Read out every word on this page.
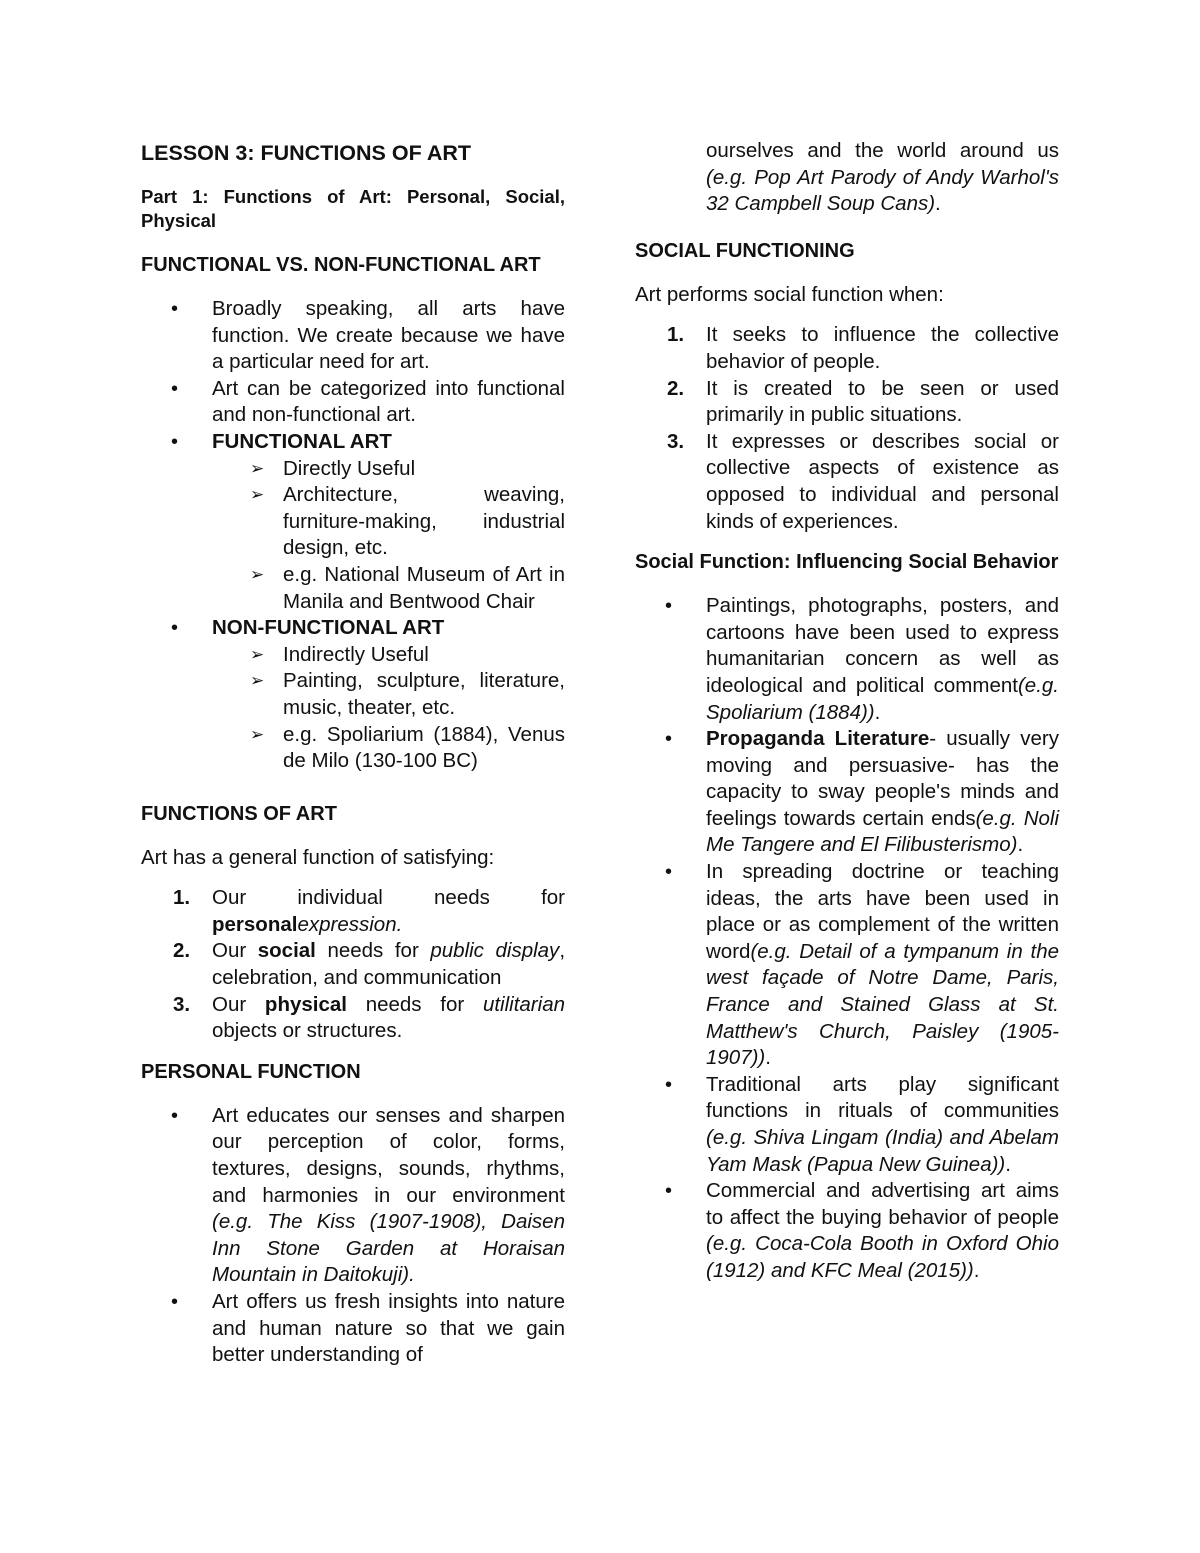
LESSON 3: FUNCTIONS OF ART
Part 1: Functions of Art: Personal, Social, Physical
FUNCTIONAL VS. NON-FUNCTIONAL ART
• Broadly speaking, all arts have function. We create because we have a particular need for art.
• Art can be categorized into functional and non-functional art.
• FUNCTIONAL ART
➢ Directly Useful
➢ Architecture, weaving, furniture-making, industrial design, etc.
➢ e.g. National Museum of Art in Manila and Bentwood Chair
• NON-FUNCTIONAL ART
➢ Indirectly Useful
➢ Painting, sculpture, literature, music, theater, etc.
➢ e.g. Spoliarium (1884), Venus de Milo (130-100 BC)
FUNCTIONS OF ART
Art has a general function of satisfying:
1. Our individual needs for personalexpression.
2. Our social needs for public display, celebration, and communication
3. Our physical needs for utilitarian objects or structures.
PERSONAL FUNCTION
• Art educates our senses and sharpen our perception of color, forms, textures, designs, sounds, rhythms, and harmonies in our environment (e.g. The Kiss (1907-1908), Daisen Inn Stone Garden at Horaisan Mountain in Daitokuji).
• Art offers us fresh insights into nature and human nature so that we gain better understanding of
ourselves and the world around us (e.g. Pop Art Parody of Andy Warhol's 32 Campbell Soup Cans).
SOCIAL FUNCTIONING
Art performs social function when:
1. It seeks to influence the collective behavior of people.
2. It is created to be seen or used primarily in public situations.
3. It expresses or describes social or collective aspects of existence as opposed to individual and personal kinds of experiences.
Social Function: Influencing Social Behavior
• Paintings, photographs, posters, and cartoons have been used to express humanitarian concern as well as ideological and political comment(e.g. Spoliarium (1884)).
• Propaganda Literature- usually very moving and persuasive- has the capacity to sway people's minds and feelings towards certain ends(e.g. Noli Me Tangere and El Filibusterismo).
• In spreading doctrine or teaching ideas, the arts have been used in place or as complement of the written word(e.g. Detail of a tympanum in the west façade of Notre Dame, Paris, France and Stained Glass at St. Matthew's Church, Paisley (1905-1907)).
• Traditional arts play significant functions in rituals of communities (e.g. Shiva Lingam (India) and Abelam Yam Mask (Papua New Guinea)).
• Commercial and advertising art aims to affect the buying behavior of people (e.g. Coca-Cola Booth in Oxford Ohio (1912) and KFC Meal (2015)).
